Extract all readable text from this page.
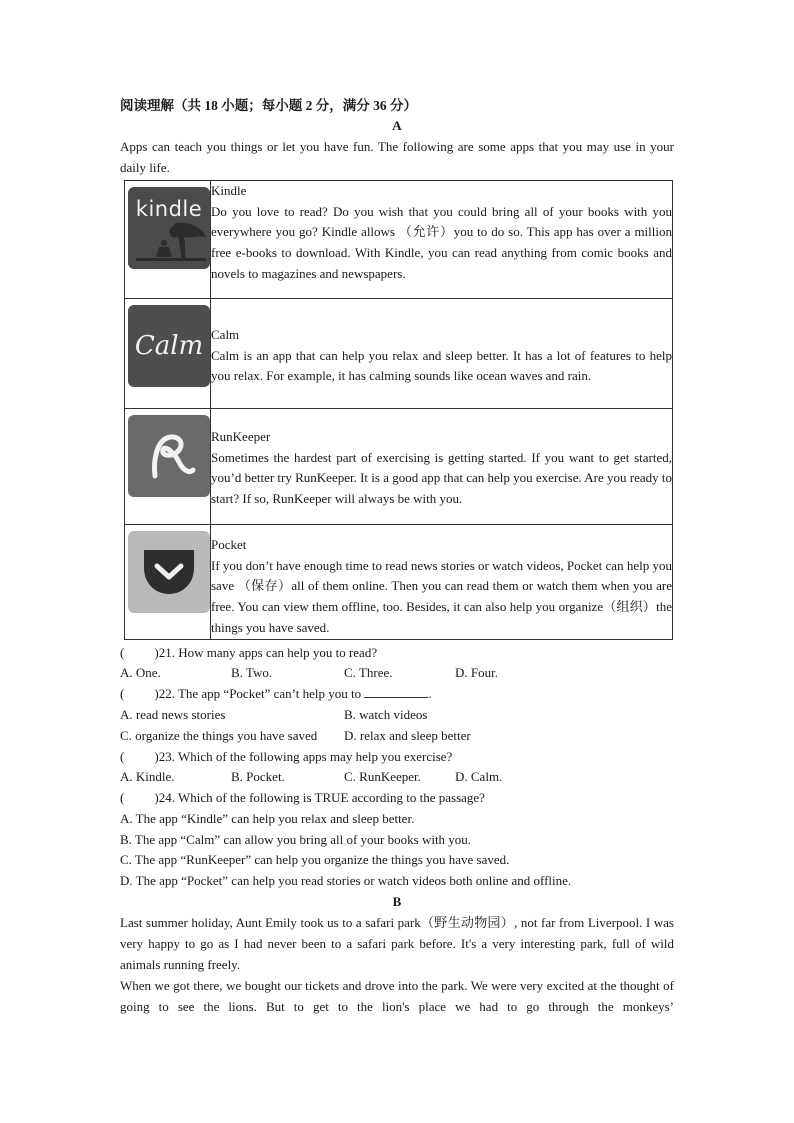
阅读理解（共 18 小题；每小题 2 分，满分 36 分）
A
Apps can teach you things or let you have fun. The following are some apps that you may use in your daily life.
kindle	Kindle
Do you love to read? Do you wish that you could bring all of your books with you everywhere you go? Kindle allows （允许）you to do so. This app has over a million free e-books to download. With Kindle, you can read anything from comic books and novels to magazines and newspapers.

Calm	Calm
Calm is an app that can help you relax and sleep better. It has a lot of features to help you relax. For example, it has calming sounds like ocean waves and rain.

RunKeeper
Sometimes the hardest part of exercising is getting started. If you want to get started, you’d better try RunKeeper. It is a good app that can help you exercise. Are you ready to start? If so, RunKeeper will always be with you.

Pocket
If you don’t have enough time to read news stories or watch videos, Pocket can help you save （保存）all of them online. Then you can read them or watch them when you are free. You can view them offline, too. Besides, it can also help you organize（组织）the things you have saved.
( )21. How many apps can help you to read?
A. One.	B. Two.	C. Three.	D. Four.
( )22. The app “Pocket” can’t help you to	.
A. read news stories	B. watch videos
C. organize the things you have saved D. relax and sleep better
( )23. Which of the following apps may help you exercise?
A. Kindle.	B. Pocket.	C. RunKeeper.	D. Calm.
( )24. Which of the following is TRUE according to the passage?
A. The app “Kindle” can help you relax and sleep better.
B. The app “Calm” can allow you bring all of your books with you.
C. The app “RunKeeper” can help you organize the things you have saved.
D. The app “Pocket” can help you read stories or watch videos both online and offline.
B
Last summer holiday, Aunt Emily took us to a safari park（野生动物园）, not far from Liverpool. I was very happy to go as I had never been to a safari park before. It's a very interesting park, full of wild animals running freely.
When we got there, we bought our tickets and drove into the park. We were very excited at the thought of going to see the lions. But to get to the lion's place we had to go through the monkeys’
